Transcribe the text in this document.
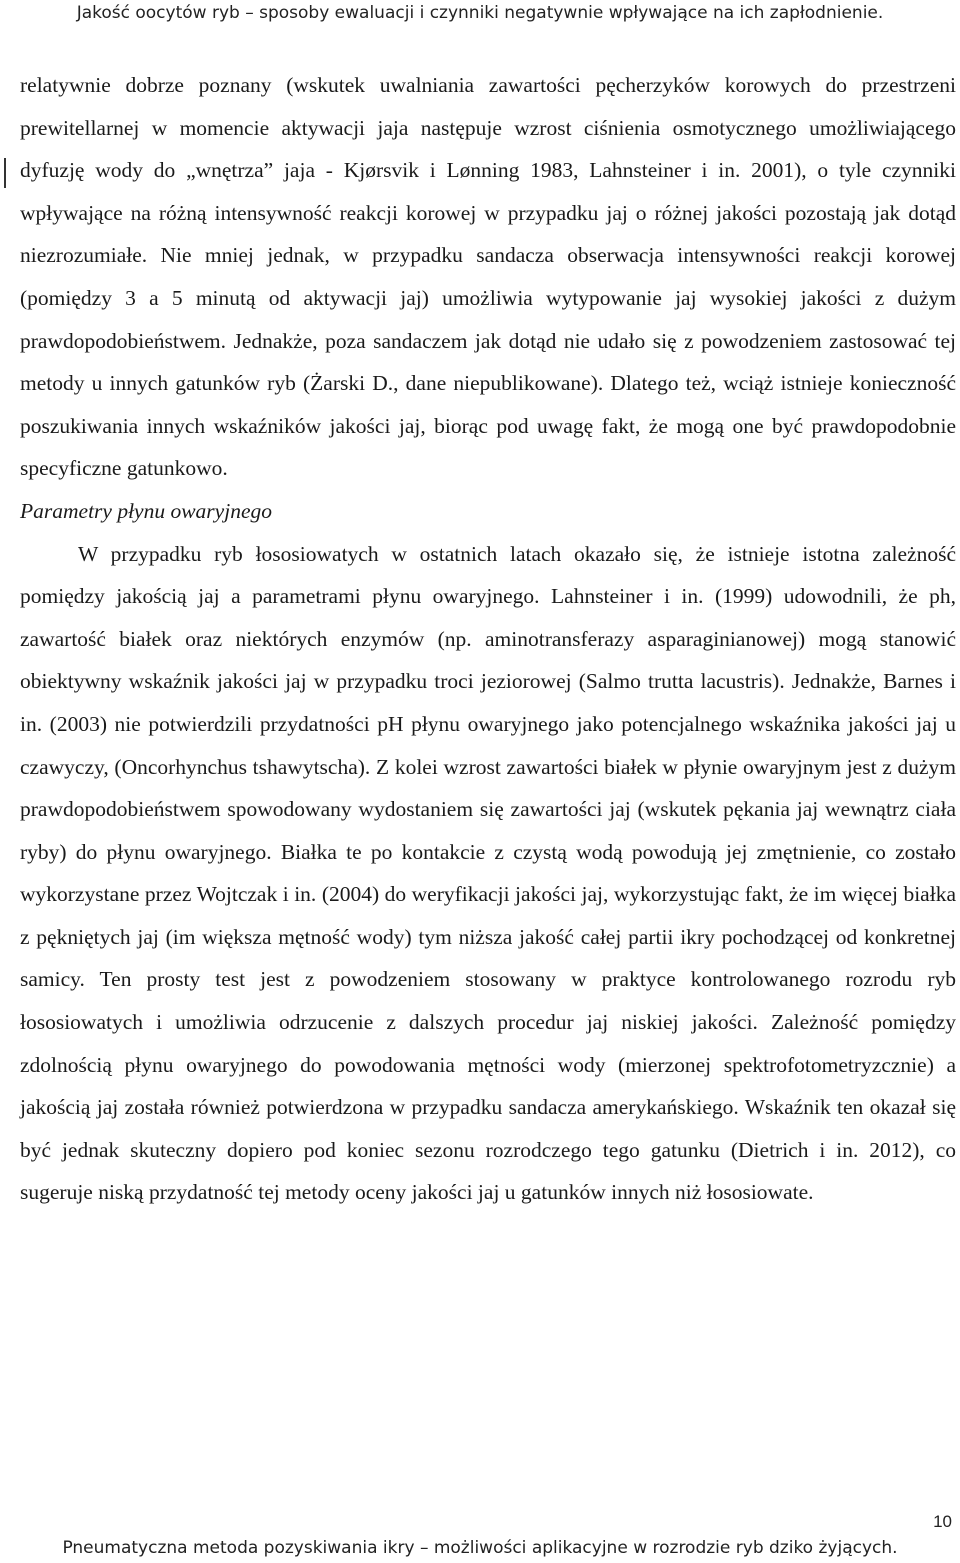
Jakość oocytów ryb – sposoby ewaluacji i czynniki negatywnie wpływające na ich zapłodnienie.

relatywnie dobrze poznany (wskutek uwalniania zawartości pęcherzyków korowych do przestrzeni prewitellarnej w momencie aktywacji jaja następuje wzrost ciśnienia osmotycznego umożliwiającego dyfuzję wody do „wnętrza” jaja - Kjørsvik i Lønning 1983, Lahnsteiner i in. 2001), o tyle czynniki wpływające na różną intensywność reakcji korowej w przypadku jaj o różnej jakości pozostają jak dotąd niezrozumiałe. Nie mniej jednak, w przypadku sandacza obserwacja intensywności reakcji korowej (pomiędzy 3 a 5 minutą od aktywacji jaj) umożliwia wytypowanie jaj wysokiej jakości z dużym prawdopodobieństwem. Jednakże, poza sandaczem jak dotąd nie udało się z powodzeniem zastosować tej metody u innych gatunków ryb (Żarski D., dane niepublikowane). Dlatego też, wciąż istnieje konieczność poszukiwania innych wskaźników jakości jaj, biorąc pod uwagę fakt, że mogą one być prawdopodobnie specyficzne gatunkowo.

Parametry płynu owaryjnego

W przypadku ryb łososiowatych w ostatnich latach okazało się, że istnieje istotna zależność pomiędzy jakością jaj a parametrami płynu owaryjnego. Lahnsteiner i in. (1999) udowodnili, że ph, zawartość białek oraz niektórych enzymów (np. aminotransferazy asparaginianowej) mogą stanowić obiektywny wskaźnik jakości jaj w przypadku troci jeziorowej (Salmo trutta lacustris). Jednakże, Barnes i in. (2003) nie potwierdzili przydatności pH płynu owaryjnego jako potencjalnego wskaźnika jakości jaj u czawyczy, (Oncorhynchus tshawytscha). Z kolei wzrost zawartości białek w płynie owaryjnym jest z dużym prawdopodobieństwem spowodowany wydostaniem się zawartości jaj (wskutek pękania jaj wewnątrz ciała ryby) do płynu owaryjnego. Białka te po kontakcie z czystą wodą powodują jej zmętnienie, co zostało wykorzystane przez Wojtczak i in. (2004) do weryfikacji jakości jaj, wykorzystując fakt, że im więcej białka z pękniętych jaj (im większa mętność wody) tym niższa jakość całej partii ikry pochodzącej od konkretnej samicy. Ten prosty test jest z powodzeniem stosowany w praktyce kontrolowanego rozrodu ryb łososiowatych i umożliwia odrzucenie z dalszych procedur jaj niskiej jakości. Zależność pomiędzy zdolnością płynu owaryjnego do powodowania mętności wody (mierzonej spektrofotometryzcznie) a jakością jaj została również potwierdzona w przypadku sandacza amerykańskiego. Wskaźnik ten okazał się być jednak skuteczny dopiero pod koniec sezonu rozrodczego tego gatunku (Dietrich i in. 2012), co sugeruje niską przydatność tej metody oceny jakości jaj u gatunków innych niż łososiowate.

10
Pneumatyczna metoda pozyskiwania ikry – możliwości aplikacyjne w rozrodzie ryb dziko żyjących.
